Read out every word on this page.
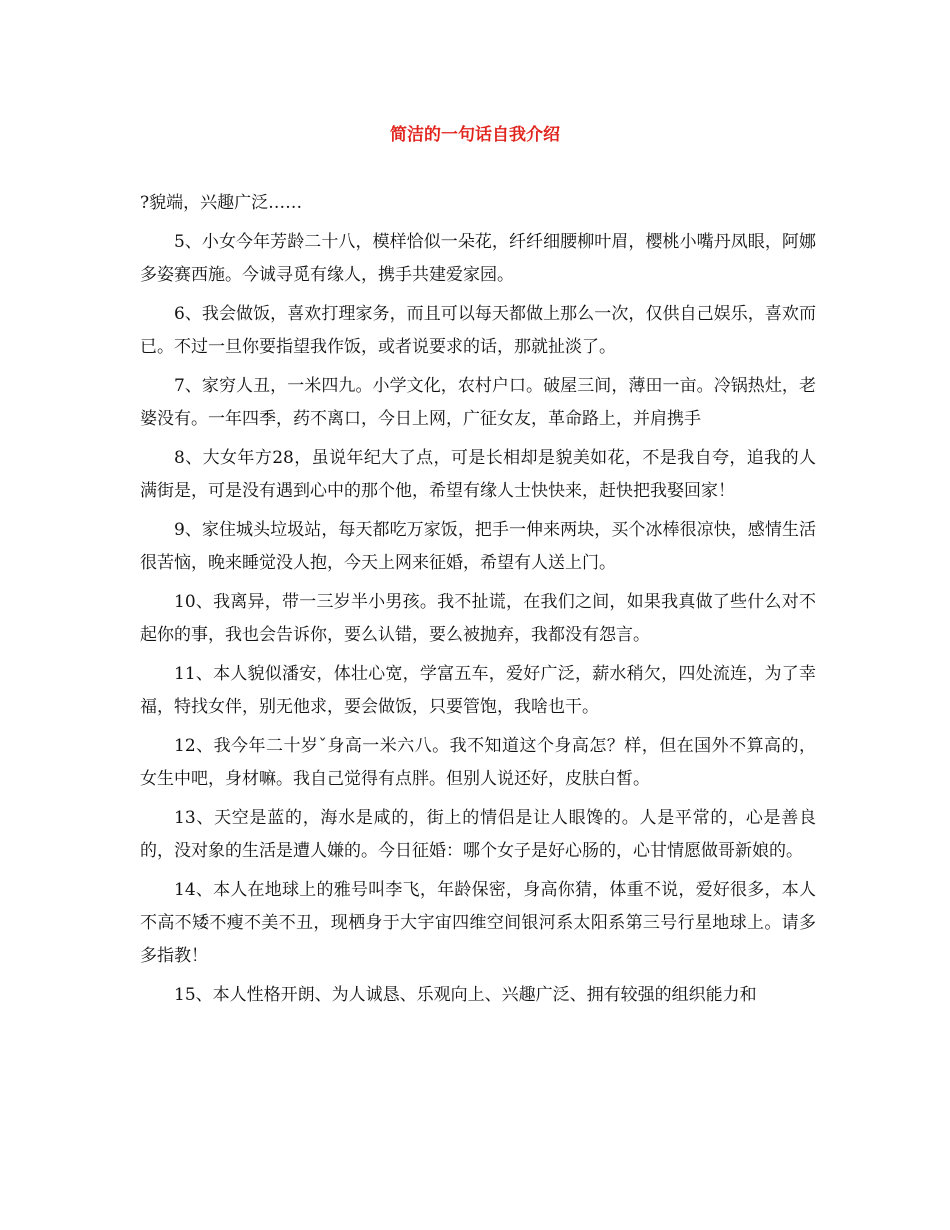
简洁的一句话自我介绍

?貌端，兴趣广泛……

5、小女今年芳龄二十八，模样恰似一朵花，纤纤细腰柳叶眉，樱桃小嘴丹凤眼，阿娜多姿赛西施。今诚寻觅有缘人，携手共建爱家园。

6、我会做饭，喜欢打理家务，而且可以每天都做上那么一次，仅供自己娱乐，喜欢而已。不过一旦你要指望我作饭，或者说要求的话，那就扯淡了。

7、家穷人丑，一米四九。小学文化，农村户口。破屋三间，薄田一亩。冷锅热灶，老婆没有。一年四季，药不离口，今日上网，广征女友，革命路上，并肩携手

8、大女年方28，虽说年纪大了点，可是长相却是貌美如花，不是我自夸，追我的人满街是，可是没有遇到心中的那个他，希望有缘人士快快来，赶快把我娶回家！

9、家住城头垃圾站，每天都吃万家饭，把手一伸来两块，买个冰棒很凉快，感情生活很苦恼，晚来睡觉没人抱，今天上网来征婚，希望有人送上门。

10、我离异，带一三岁半小男孩。我不扯谎，在我们之间，如果我真做了些什么对不起你的事，我也会告诉你，要么认错，要么被抛弃，我都没有怨言。

11、本人貌似潘安，体壮心宽，学富五车，爱好广泛，薪水稍欠，四处流连，为了幸福，特找女伴，别无他求，要会做饭，只要管饱，我啥也干。

12、我今年二十岁ˇ身高一米六八。我不知道这个身高怎？样，但在国外不算高的，女生中吧，身材嘛。我自己觉得有点胖。但别人说还好，皮肤白皙。

13、天空是蓝的，海水是咸的，街上的情侣是让人眼馋的。人是平常的，心是善良的，没对象的生活是遭人嫌的。今日征婚：哪个女子是好心肠的，心甘情愿做哥新娘的。

14、本人在地球上的雅号叫李飞，年龄保密，身高你猜，体重不说，爱好很多，本人不高不矮不瘦不美不丑，现栖身于大宇宙四维空间银河系太阳系第三号行星地球上。请多多指教！

15、本人性格开朗、为人诚恳、乐观向上、兴趣广泛、拥有较强的组织能力和
